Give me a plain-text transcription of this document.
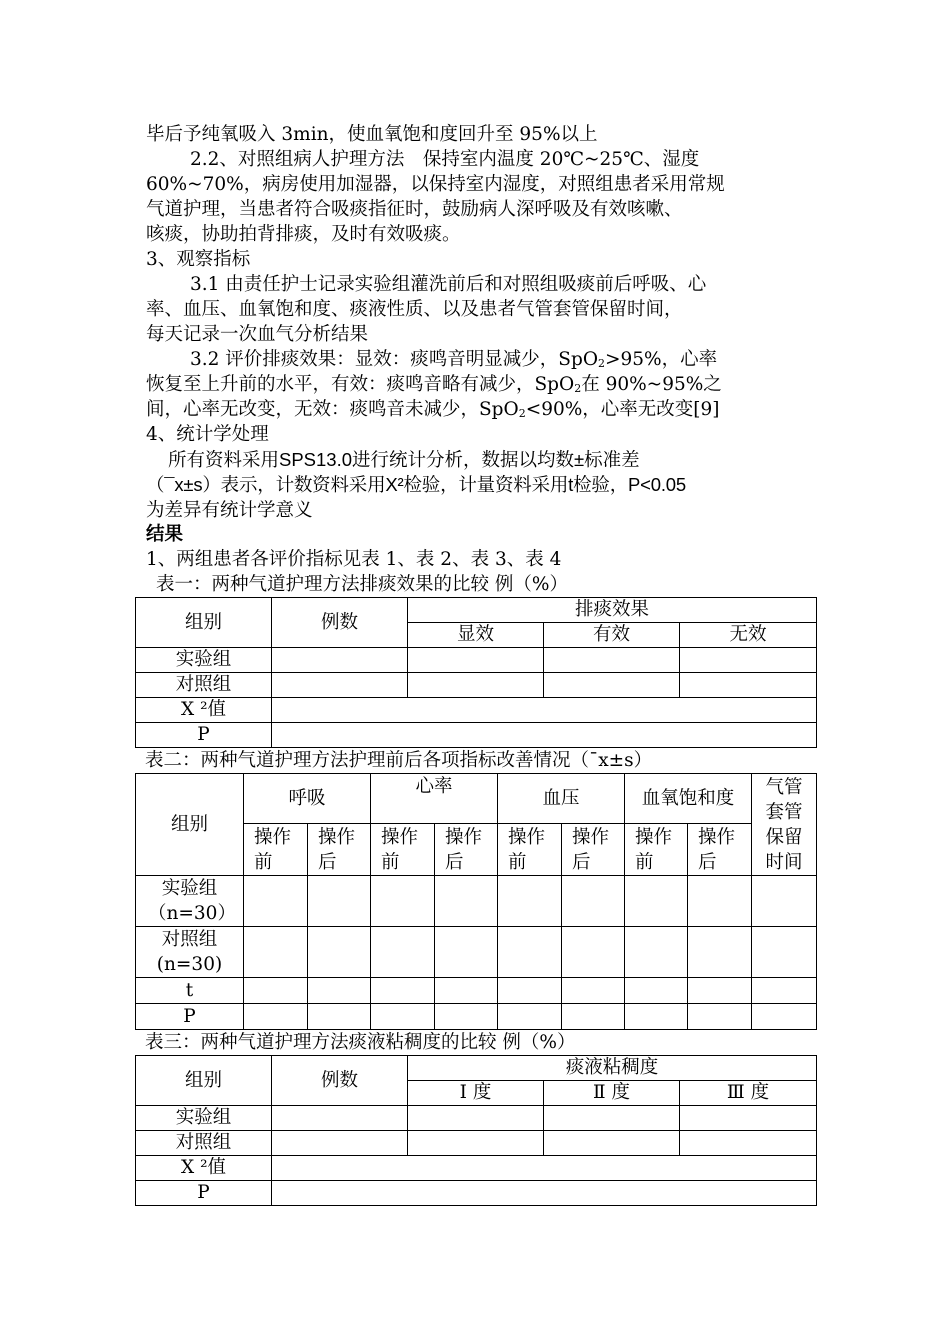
毕后予纯氧吸入 3min，使血氧饱和度回升至 95%以上

2.2、对照组病人护理方法　保持室内温度 20℃~25℃、湿度

60%~70%，病房使用加湿器，以保持室内湿度，对照组患者采用常规

气道护理，当患者符合吸痰指征时，鼓励病人深呼吸及有效咳嗽、

咳痰，协助拍背排痰，及时有效吸痰。

3、观察指标

3.1 由责任护士记录实验组灌洗前后和对照组吸痰前后呼吸、心

率、血压、血氧饱和度、痰液性质、以及患者气管套管保留时间，

每天记录一次血气分析结果

3.2 评价排痰效果：显效：痰鸣音明显减少，SpO$_2$>95%，心率

恢复至上升前的水平，有效：痰鸣音略有减少，SpO$_2$在 90%~95%之

间，心率无改变，无效：痰鸣音未减少，SpO$_2$<90%，心率无改变[9]

4、统计学处理

所有资料采用SPS13.0进行统计分析，数据以均数±标准差

（¯x±s）表示，计数资料采用X²检验，计量资料采用t检验，P<0.05

为差异有统计学意义

结果

1、两组患者各评价指标见表 1、表 2、表 3、表 4

表一：两种气道护理方法排痰效果的比较 例（%）
组别	例数	排痰效果		
		显效	有效	无效
实验组				
对照组				
X ²值				
P				
表二：两种气道护理方法护理前后各项指标改善情况（¯x±s）
组别	呼吸		心率		血压		血氧饱和度		气管套管保留时间
	操作前	操作后	操作前	操作后	操作前	操作后	操作前	操作后	
实验组（n=30）									
对照组(n=30)									
t									
P									
表三：两种气道护理方法痰液粘稠度的比较 例（%）
组别	例数	痰液粘稠度		
		Ⅰ 度	Ⅱ 度	Ⅲ 度
实验组				
对照组				
X ²值				
P				
